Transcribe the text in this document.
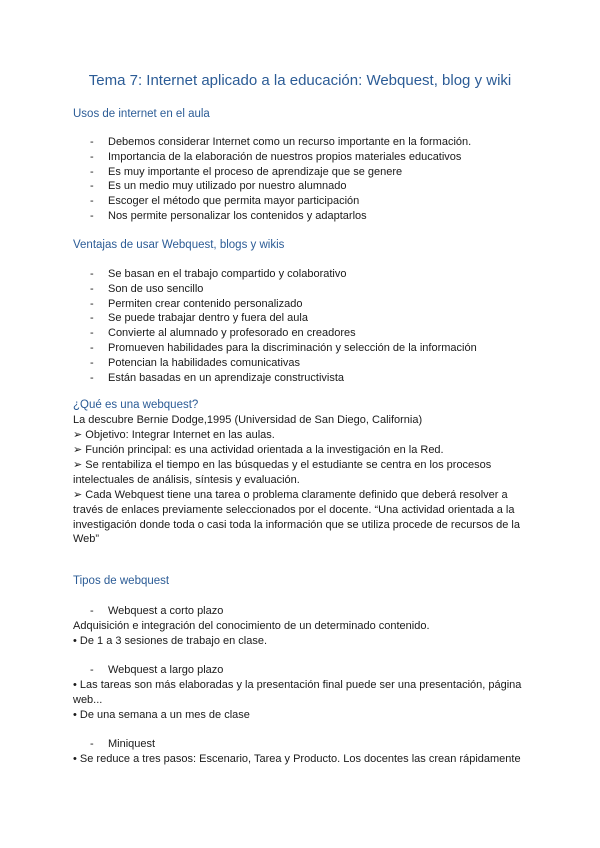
Tema 7: Internet aplicado a la educación: Webquest, blog y wiki
Usos de internet en el aula
- Debemos considerar Internet como un recurso importante en la formación.
- Importancia de la elaboración de nuestros propios materiales educativos
- Es muy importante el proceso de aprendizaje que se genere
- Es un medio muy utilizado por nuestro alumnado
- Escoger el método que permita mayor participación
- Nos permite personalizar los contenidos y adaptarlos
Ventajas de usar Webquest, blogs y wikis
- Se basan en el trabajo compartido y colaborativo
- Son de uso sencillo
- Permiten crear contenido personalizado
- Se puede trabajar dentro y fuera del aula
- Convierte al alumnado y profesorado en creadores
- Promueven habilidades para la discriminación y selección de la información
- Potencian la habilidades comunicativas
- Están basadas en un aprendizaje constructivista
¿Qué es una webquest?
La descubre Bernie Dodge,1995 (Universidad de San Diego, California)
➢ Objetivo: Integrar Internet en las aulas.
➢ Función principal: es una actividad orientada a la investigación en la Red.
➢ Se rentabiliza el tiempo en las búsquedas y el estudiante se centra en los procesos intelectuales de análisis, síntesis y evaluación.
➢ Cada Webquest tiene una tarea o problema claramente definido que deberá resolver a través de enlaces previamente seleccionados por el docente. “Una actividad orientada a la investigación donde toda o casi toda la información que se utiliza procede de recursos de la Web”
Tipos de webquest
- Webquest a corto plazo
Adquisición e integración del conocimiento de un determinado contenido.
• De 1 a 3 sesiones de trabajo en clase.
- Webquest a largo plazo
• Las tareas son más elaboradas y la presentación final puede ser una presentación, página web...
• De una semana a un mes de clase
- Miniquest
• Se reduce a tres pasos: Escenario, Tarea y Producto. Los docentes las crean rápidamente
